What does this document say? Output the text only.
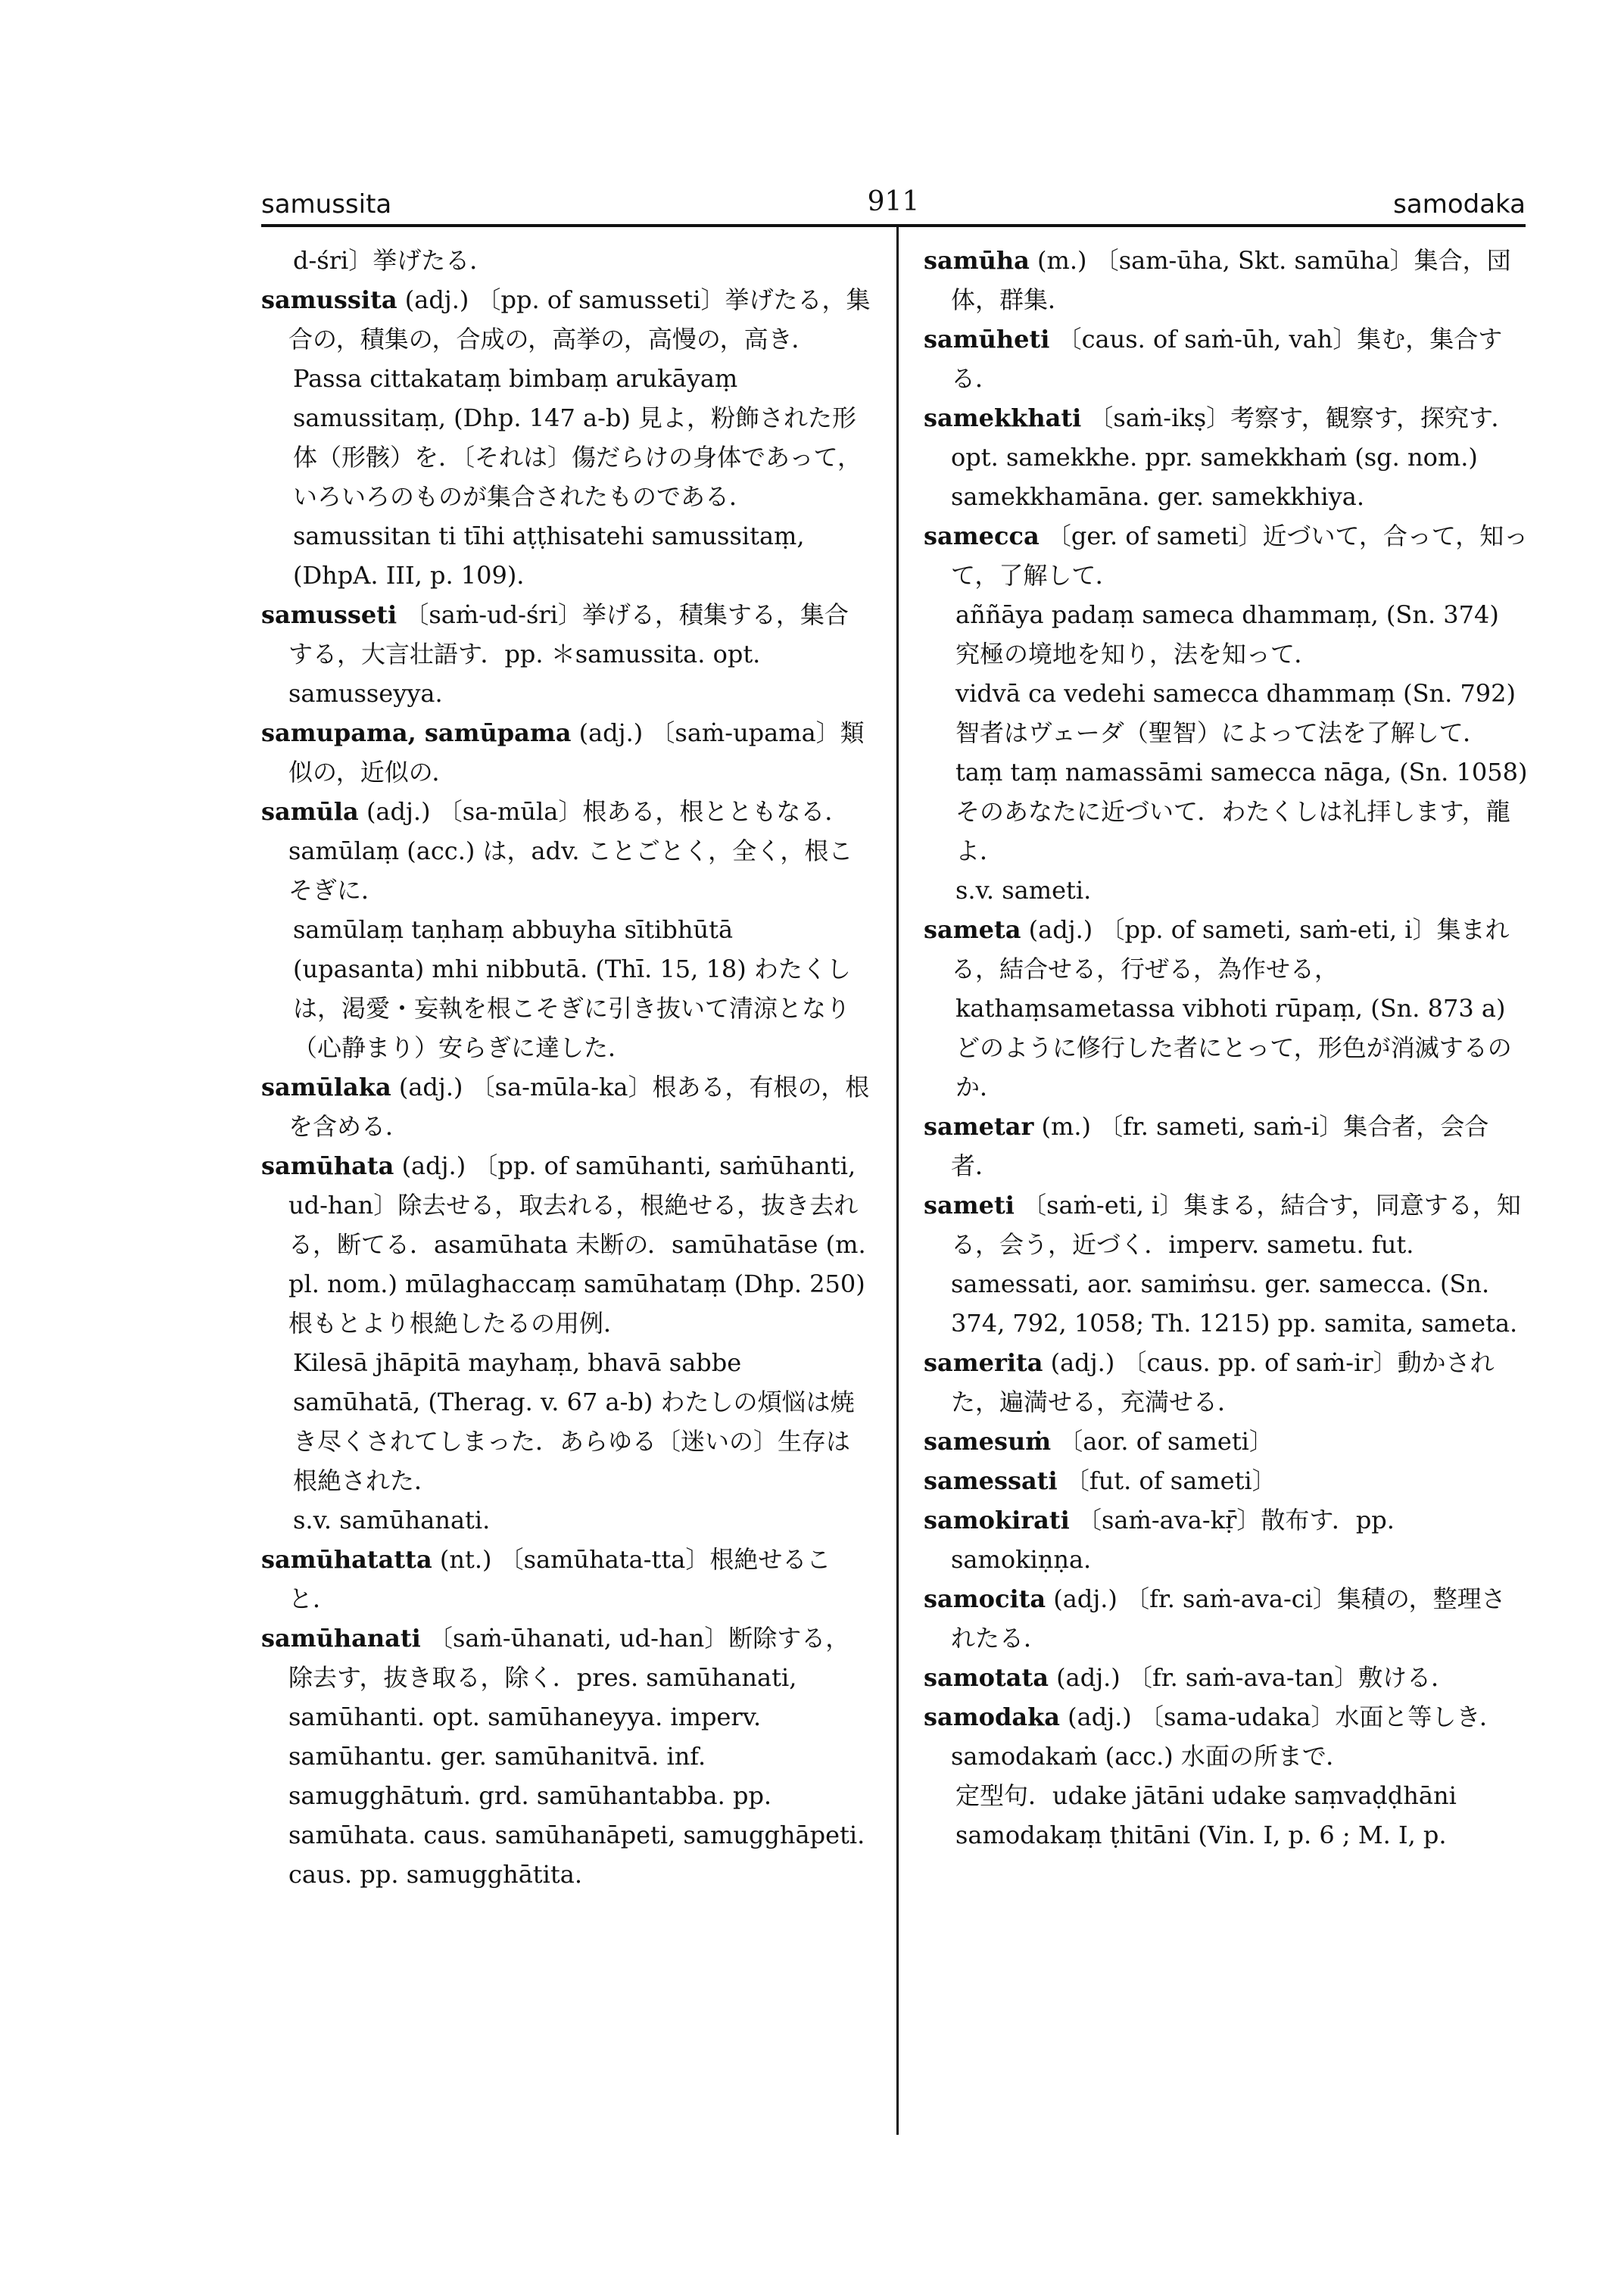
samussita	911	samodaka
d-śri〕挙げたる．
samussita (adj.) 〔pp. of samusseti〕挙げたる，集合の，積集の，合成の，高挙の，高慢の，高き．
Passa cittakataṃ bimbaṃ arukāyaṃ samussitaṃ, (Dhp. 147 a-b) 見よ，粉飾された形体（形骸）を．〔それは〕傷だらけの身体であって，いろいろのものが集合されたものである．
samussitan ti tīhi aṭṭhisatehi samussitaṃ, (DhpA. III, p. 109)．
samusseti 〔saṁ-ud-śri〕挙げる，積集する，集合する，大言壮語す．pp. ＊samussita. opt. samusseyya.
samupama, samūpama (adj.) 〔saṁ-upama〕類似の，近似の．
samūla (adj.) 〔sa-mūla〕根ある，根とともなる．samūlaṃ (acc.) は，adv. ことごとく，全く，根こそぎに．
samūlaṃ taṇhaṃ abbuyha sītibhūtā (upasanta) mhi nibbutā. (Thī. 15, 18) わたくしは，渇愛・妄執を根こそぎに引き抜いて清涼となり（心静まり）安らぎに達した．
samūlaka (adj.) 〔sa-mūla-ka〕根ある，有根の，根を含める．
samūhata (adj.) 〔pp. of samūhanti, saṁūhanti, ud-han〕除去せる，取去れる，根絶せる，抜き去れる，断てる．asamūhata 未断の．samūhatāse (m. pl. nom.) mūlaghaccaṃ samūhataṃ (Dhp. 250) 根もとより根絶したるの用例．
Kilesā jhāpitā mayhaṃ, bhavā sabbe samūhatā, (Therag. v. 67 a-b) わたしの煩悩は焼き尽くされてしまった．あらゆる〔迷いの〕生存は根絶された．
s.v. samūhanati.
samūhatatta (nt.) 〔samūhata-tta〕根絶せること．
samūhanati 〔saṁ-ūhanati, ud-han〕断除する，除去す，抜き取る，除く．pres. samūhanati, samūhanti. opt. samūhaneyya. imperv. samūhantu. ger. samūhanitvā. inf. samugghātuṁ. grd. samūhantabba. pp. samūhata. caus. samūhanāpeti, samugghāpeti. caus. pp. samugghātita.
samūha (m.) 〔sam-ūha, Skt. samūha〕集合，団体，群集．
samūheti 〔caus. of saṁ-ūh, vah〕集む，集合する．
samekkhati 〔saṁ-ikṣ〕考察す，観察す，探究す．opt. samekkhe. ppr. samekkhaṁ (sg. nom.) samekkhamāna. ger. samekkhiya.
samecca 〔ger. of sameti〕近づいて，合って，知って，了解して．
aññāya padaṃ sameca dhammaṃ, (Sn. 374) 究極の境地を知り，法を知って．
vidvā ca vedehi samecca dhammaṃ (Sn. 792) 智者はヴェーダ（聖智）によって法を了解して．
taṃ taṃ namassāmi samecca nāga, (Sn. 1058) そのあなたに近づいて．わたくしは礼拝します，龍よ．
s.v. sameti.
sameta (adj.) 〔pp. of sameti, saṁ-eti, i〕集まれる，結合せる，行ぜる，為作せる，
kathaṃsametassa vibhoti rūpaṃ, (Sn. 873 a) どのように修行した者にとって，形色が消滅するのか．
sametar (m.) 〔fr. sameti, saṁ-i〕集合者，会合者．
sameti 〔saṁ-eti, i〕集まる，結合す，同意する，知る，会う，近づく．imperv. sametu. fut. samessati, aor. samiṁsu. ger. samecca. (Sn. 374, 792, 1058; Th. 1215) pp. samita, sameta.
samerita (adj.) 〔caus. pp. of saṁ-ir〕動かされた，遍満せる，充満せる．
samesuṁ 〔aor. of sameti〕
samessati 〔fut. of sameti〕
samokirati 〔saṁ-ava-kṝ〕散布す．pp. samokiṇṇa.
samocita (adj.) 〔fr. saṁ-ava-ci〕集積の，整理されたる．
samotata (adj.) 〔fr. saṁ-ava-tan〕敷ける．
samodaka (adj.) 〔sama-udaka〕水面と等しき．samodakaṁ (acc.) 水面の所まで．
定型句．udake jātāni udake saṃvaḍḍhāni samodakaṃ ṭhitāni (Vin. I, p. 6 ; M. I, p.
